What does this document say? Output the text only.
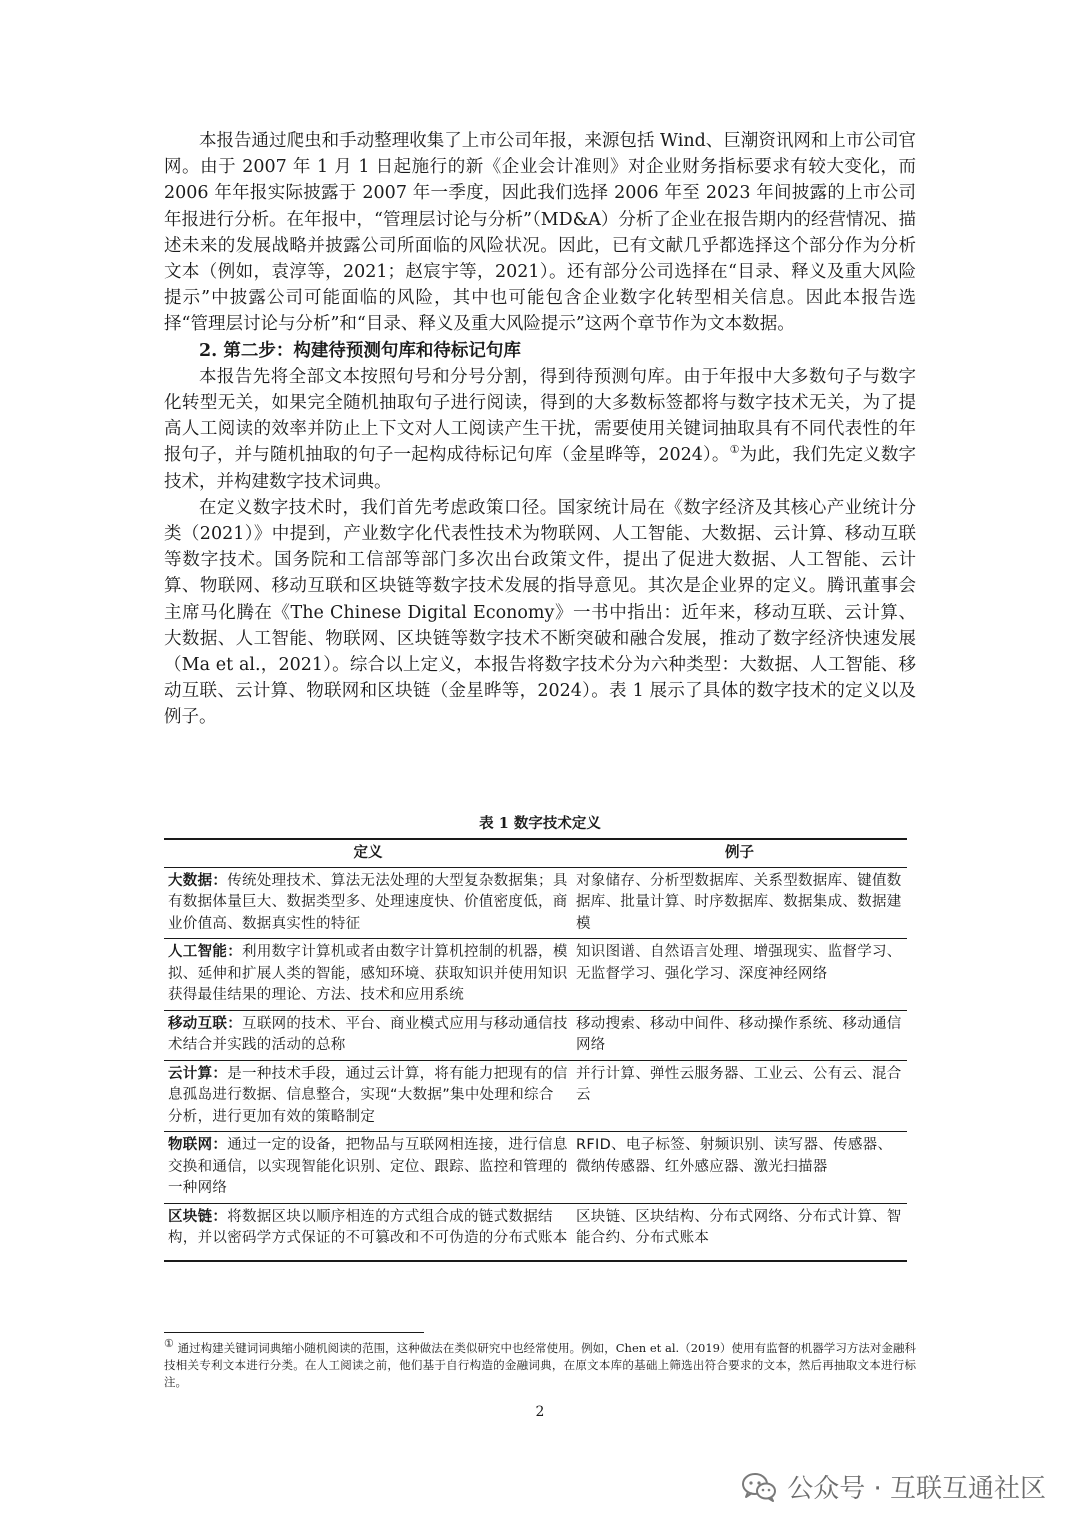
本报告通过爬虫和手动整理收集了上市公司年报，来源包括 Wind、巨潮资讯网和上市公司官网。由于 2007 年 1 月 1 日起施行的新《企业会计准则》对企业财务指标要求有较大变化，而 2006 年年报实际披露于 2007 年一季度，因此我们选择 2006 年至 2023 年间披露的上市公司年报进行分析。在年报中，“管理层讨论与分析”（MD&A）分析了企业在报告期内的经营情况、描述未来的发展战略并披露公司所面临的风险状况。因此，已有文献几乎都选择这个部分作为分析文本（例如，袁淳等，2021；赵宸宇等，2021）。还有部分公司选择在“目录、释义及重大风险提示”中披露公司可能面临的风险，其中也可能包含企业数字化转型相关信息。因此本报告选择“管理层讨论与分析”和“目录、释义及重大风险提示”这两个章节作为文本数据。

2. 第二步：构建待预测句库和待标记句库

本报告先将全部文本按照句号和分号分割，得到待预测句库。由于年报中大多数句子与数字化转型无关，如果完全随机抽取句子进行阅读，得到的大多数标签都将与数字技术无关，为了提高人工阅读的效率并防止上下文对人工阅读产生干扰，需要使用关键词抽取具有不同代表性的年报句子，并与随机抽取的句子一起构成待标记句库（金星晔等，2024）。①为此，我们先定义数字技术，并构建数字技术词典。

在定义数字技术时，我们首先考虑政策口径。国家统计局在《数字经济及其核心产业统计分类（2021）》中提到，产业数字化代表性技术为物联网、人工智能、大数据、云计算、移动互联等数字技术。国务院和工信部等部门多次出台政策文件，提出了促进大数据、人工智能、云计算、物联网、移动互联和区块链等数字技术发展的指导意见。其次是企业界的定义。腾讯董事会主席马化腾在《The Chinese Digital Economy》一书中指出：近年来，移动互联、云计算、大数据、人工智能、物联网、区块链等数字技术不断突破和融合发展，推动了数字经济快速发展（Ma et al.，2021）。综合以上定义，本报告将数字技术分为六种类型：大数据、人工智能、移动互联、云计算、物联网和区块链（金星晔等，2024）。表 1 展示了具体的数字技术的定义以及例子。

表 1 数字技术定义
定义	例子
大数据：传统处理技术、算法无法处理的大型复杂数据集；具有数据体量巨大、数据类型多、处理速度快、价值密度低，商业价值高、数据真实性的特征	对象储存、分析型数据库、关系型数据库、键值数据库、批量计算、时序数据库、数据集成、数据建模
人工智能：利用数字计算机或者由数字计算机控制的机器，模拟、延伸和扩展人类的智能，感知环境、获取知识并使用知识获得最佳结果的理论、方法、技术和应用系统	知识图谱、自然语言处理、增强现实、监督学习、无监督学习、强化学习、深度神经网络
移动互联：互联网的技术、平台、商业模式应用与移动通信技术结合并实践的活动的总称	移动搜索、移动中间件、移动操作系统、移动通信网络
云计算：是一种技术手段，通过云计算，将有能力把现有的信息孤岛进行数据、信息整合，实现“大数据”集中处理和综合分析，进行更加有效的策略制定	并行计算、弹性云服务器、工业云、公有云、混合云
物联网：通过一定的设备，把物品与互联网相连接，进行信息交换和通信，以实现智能化识别、定位、跟踪、监控和管理的一种网络	RFID、电子标签、射频识别、读写器、传感器、微纳传感器、红外感应器、激光扫描器
区块链：将数据区块以顺序相连的方式组合成的链式数据结构，并以密码学方式保证的不可篡改和不可伪造的分布式账本	区块链、区块结构、分布式网络、分布式计算、智能合约、分布式账本
① 通过构建关键词词典缩小随机阅读的范围，这种做法在类似研究中也经常使用。例如，Chen et al.（2019）使用有监督的机器学习方法对金融科技相关专利文本进行分类。在人工阅读之前，他们基于自行构造的金融词典，在原文本库的基础上筛选出符合要求的文本，然后再抽取文本进行标注。
2
公众号 · 互联互通社区
